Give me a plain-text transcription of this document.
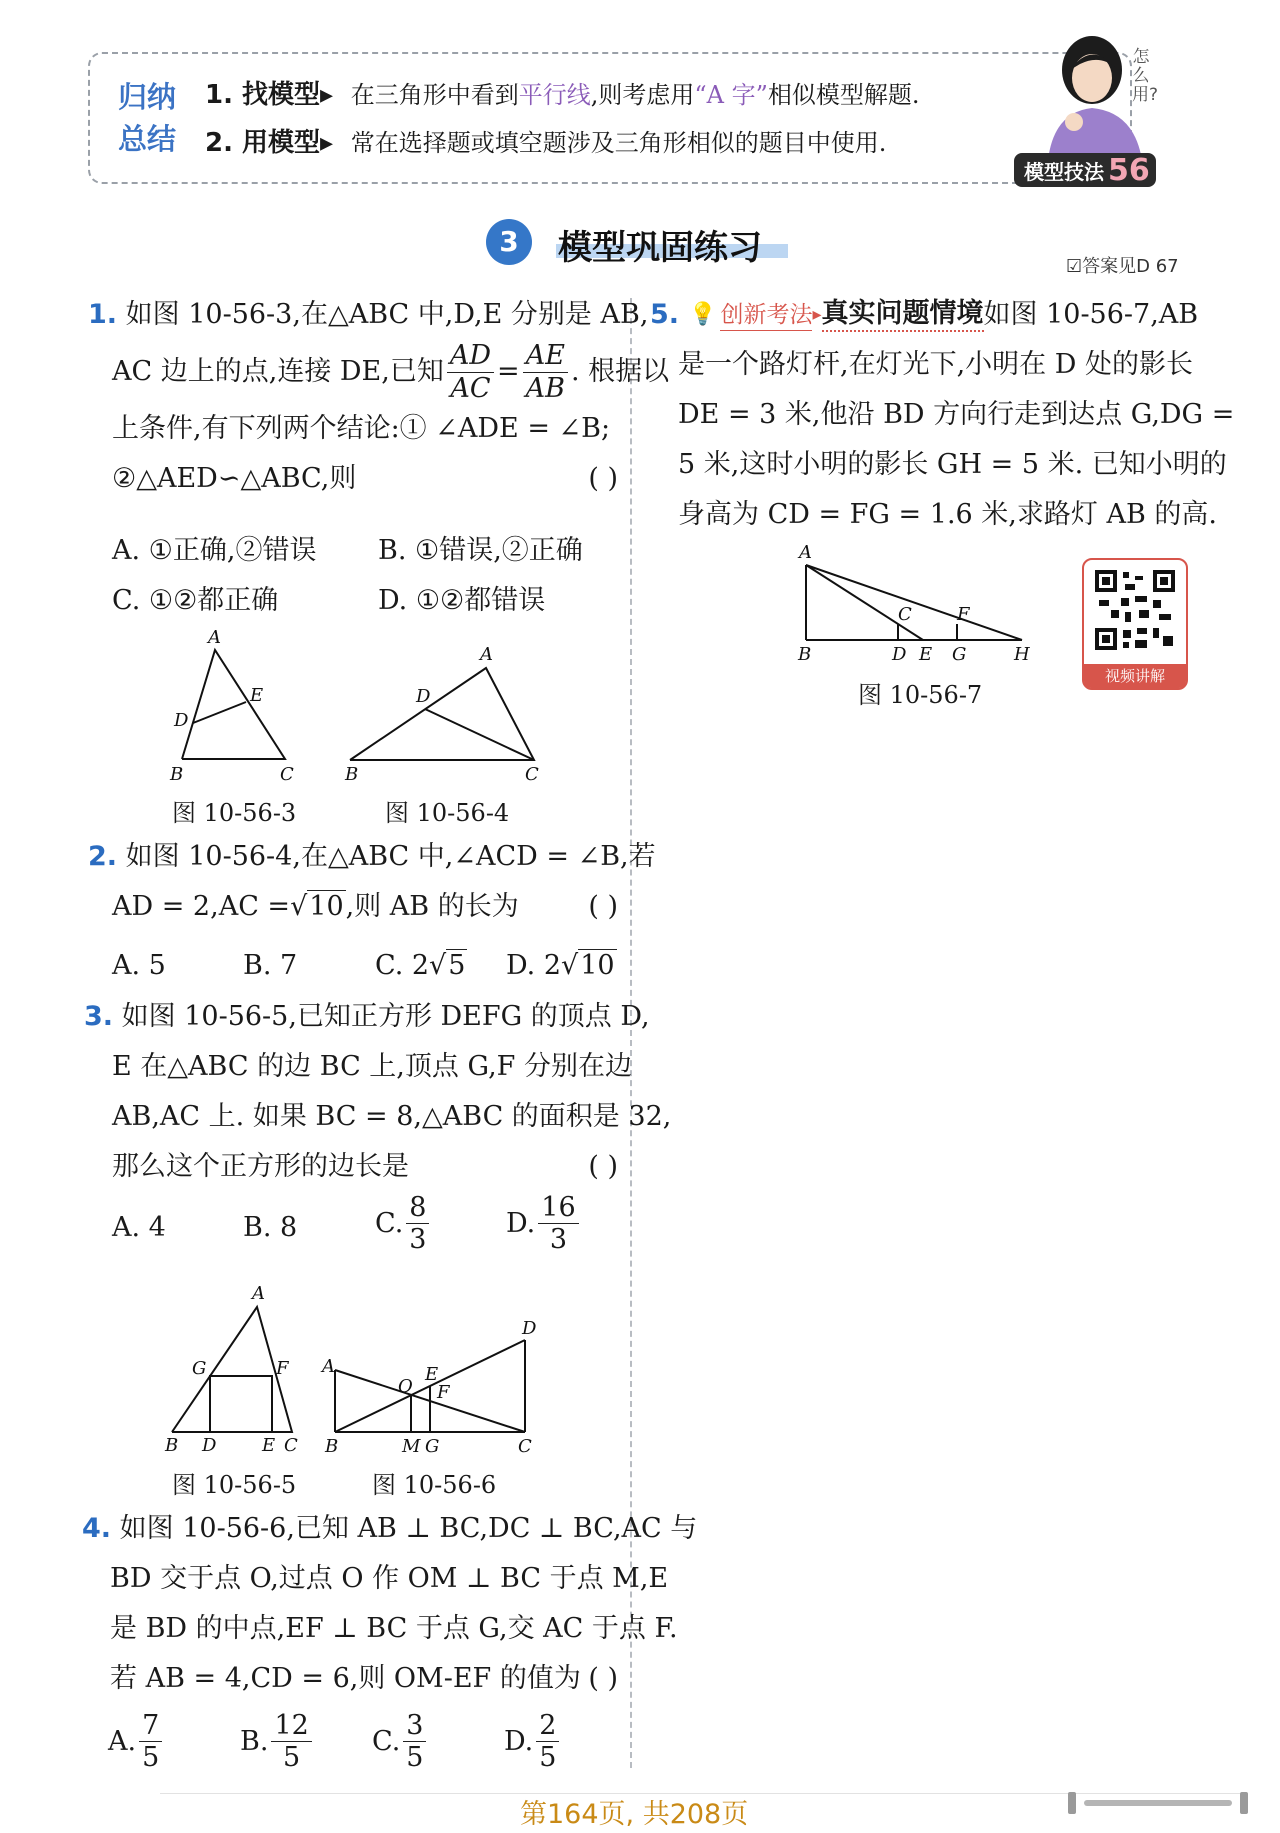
归纳
总结
1. 找模型▸ 在三角形中看到平行线,则考虑用“A 字”相似模型解题.
2. 用模型▸ 常在选择题或填空题涉及三角形相似的题目中使用.
怎么用?
模型技法 56
3	模型巩固练习	☑答案见D 67
1. 如图 10-56-3,在△ABC 中,D,E 分别是 AB,
AC 边上的点,连接 DE,已知 $\frac{AD}{AC} = \frac{AE}{AB}$ . 根据以
上条件,有下列两个结论:① ∠ADE = ∠B;
②△AED∽△ABC,则	( )
A. ①正确,②错误 B. ①错误,②正确
C. ①②都正确	D. ①②都错误
A
B	C
D
E
图 10-56-3
A
B	C
D
图 10-56-4
2. 如图 10-56-4,在△ABC 中,∠ACD = ∠B,若
AD = 2,AC =√10,则 AB 的长为	( )
A. 5	B. 7	C. 2√5 D. 2√10
3. 如图 10-56-5,已知正方形 DEFG 的顶点 D,
E 在△ABC 的边 BC 上,顶点 G,F 分别在边
AB,AC 上. 如果 BC = 8,△ABC 的面积是 32,
那么这个正方形的边长是	( )
A. 4	B. 8	C. $\frac{8}{3}$	D. $\frac{16}{3}$
A
B	C
D	E
F
G
图 10-56-5
A
B	C
D
E
F
G
M
O
图 10-56-6
4. 如图 10-56-6,已知 AB ⊥ BC,DC ⊥ BC,AC 与
BD 交于点 O,过点 O 作 OM ⊥ BC 于点 M,E
是 BD 的中点,EF ⊥ BC 于点 G,交 AC 于点 F.
若 AB = 4,CD = 6,则 OM-EF 的值为 ( )
A. $\frac{7}{5}$	B. $\frac{12}{5} C$. $\frac{3}{5}$	D. $\frac{2}{5}$
5. 💡 创新考法 ▸ 真实问题情境 如图 10-56-7,AB
是一个路灯杆,在灯光下,小明在 D 处的影长
DE = 3 米,他沿 BD 方向行走到达点 G,DG =
5 米,这时小明的影长 GH = 5 米. 已知小明的
身高为 CD = FG = 1.6 米,求路灯 AB 的高.
A
B
C
D E
F
G	H
图 10-56-7
视频讲解
第164页, 共208页
